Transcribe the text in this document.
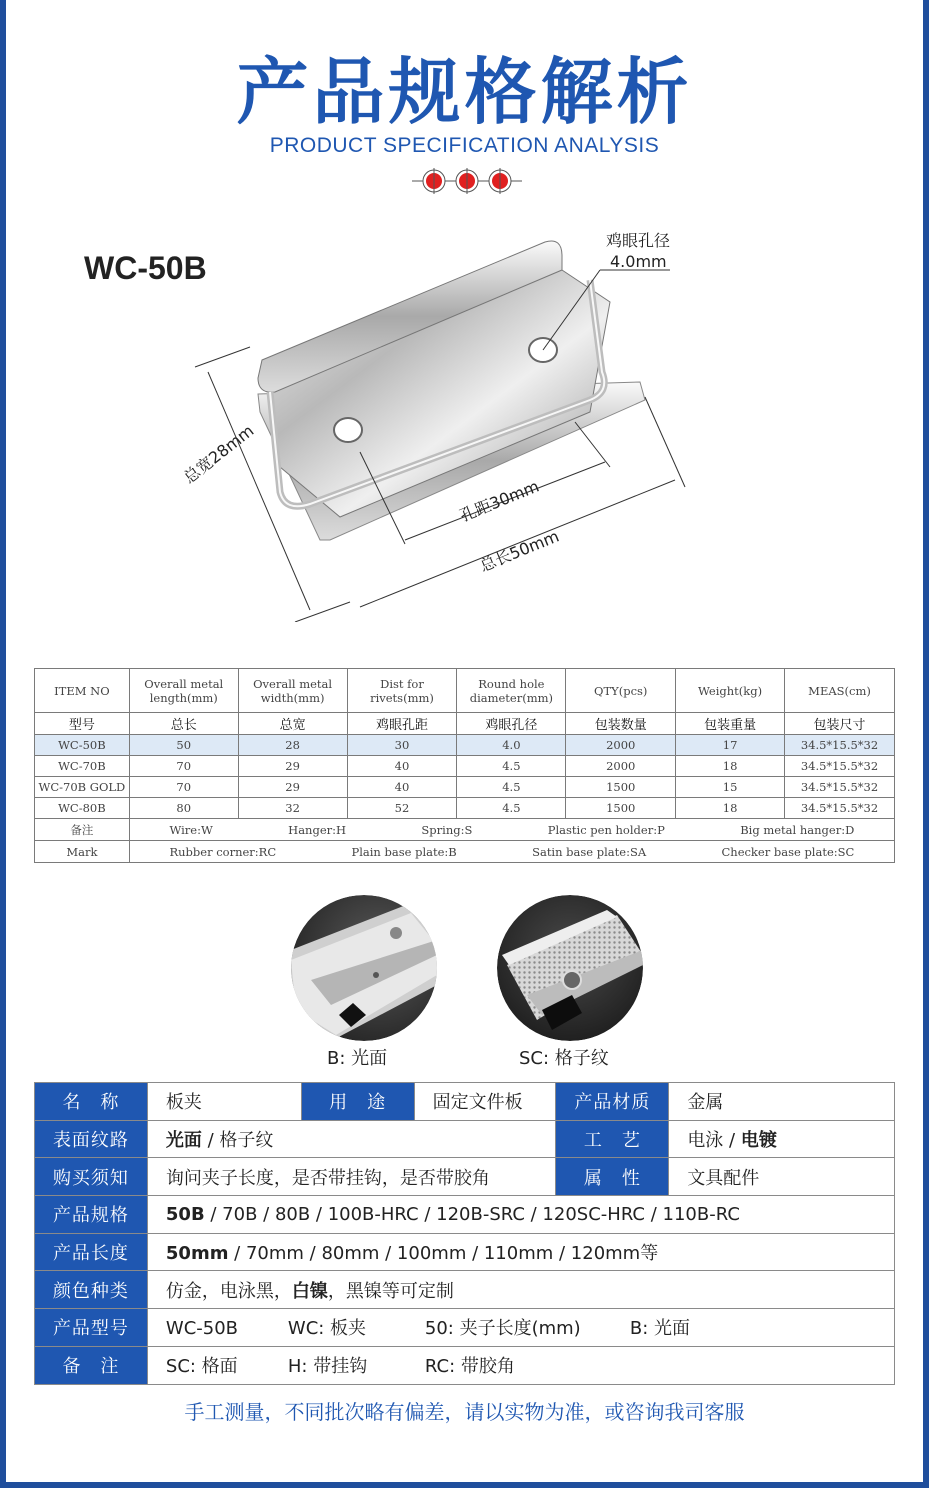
产品规格解析
PRODUCT SPECIFICATION ANALYSIS
WC-50B
鸡眼孔径
4.0mm
总宽28mm
孔距30mm
总长50mm
ITEM NO	Overall metal length(mm)	Overall metal width(mm)	Dist for rivets(mm)	Round hole diameter(mm)	QTY(pcs)	Weight(kg)	MEAS(cm)
型号	总长	总宽	鸡眼孔距	鸡眼孔径	包装数量	包装重量	包装尺寸
WC-50B	50	28	30	4.0	2000	17	34.5*15.5*32
WC-70B	70	29	40	4.5	2000	18	34.5*15.5*32
WC-70B GOLD	70	29	40	4.5	1500	15	34.5*15.5*32
WC-80B	80	32	52	4.5	1500	18	34.5*15.5*32
备注	Wire:W Hanger:H Spring:S Plastic pen holder:P Big metal hanger:D						

Mark	Rubber corner:RC Plain base plate:B Satin base plate:SA Checker base plate:SC						
B: 光面	SC: 格子纹
名　称	板夹	用　途	固定文件板	产品材质	金属
表面纹路	光面 / 格子纹			工　艺	电泳 / 电镀
购买须知	询问夹子长度，是否带挂钩，是否带胶角			属　性	文具配件
产品规格	50B / 70B / 80B / 100B-HRC / 120B-SRC / 120SC-HRC / 110B-RC				
产品长度	50mm / 70mm / 80mm / 100mm / 110mm / 120mm等				
颜色种类	仿金，电泳黑，白镍，黑镍等可定制				
产品型号	WC-50B WC: 板夹 50: 夹子长度(mm) B: 光面				
备　注	SC: 格面 H: 带挂钩 RC: 带胶角				
手工测量，不同批次略有偏差，请以实物为准，或咨询我司客服
